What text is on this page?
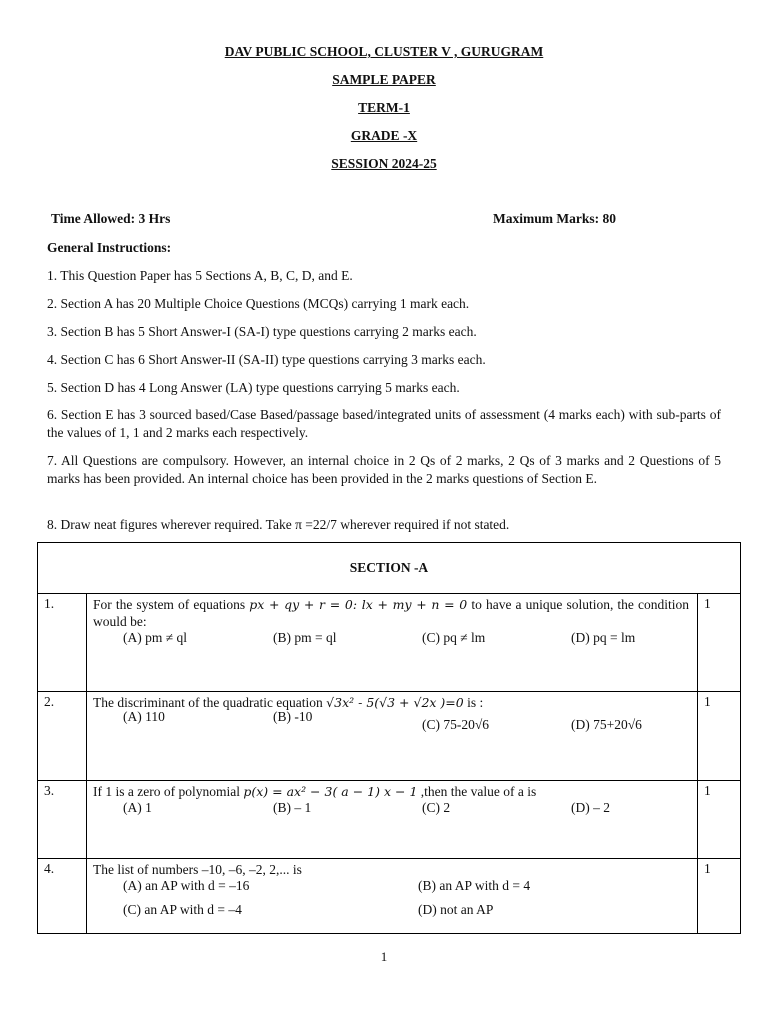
DAV PUBLIC SCHOOL, CLUSTER V , GURUGRAM
SAMPLE PAPER
TERM-1
GRADE -X
SESSION 2024-25
Time Allowed: 3 Hrs	Maximum Marks: 80
General Instructions:
1. This Question Paper has 5 Sections A, B, C, D, and E.
2. Section A has 20 Multiple Choice Questions (MCQs) carrying 1 mark each.
3. Section B has 5 Short Answer-I (SA-I) type questions carrying 2 marks each.
4. Section C has 6 Short Answer-II (SA-II) type questions carrying 3 marks each.
5. Section D has 4 Long Answer (LA) type questions carrying 5 marks each.
6. Section E has 3 sourced based/Case Based/passage based/integrated units of assessment (4 marks each) with sub-parts of the values of 1, 1 and 2 marks each respectively.
7. All Questions are compulsory. However, an internal choice in 2 Qs of 2 marks, 2 Qs of 3 marks and 2 Questions of 5 marks has been provided. An internal choice has been provided in the 2 marks questions of Section E.
8. Draw neat figures wherever required. Take π =22/7 wherever required if not stated.
SECTION -A		
1.	For the system of equations px + qy + r = 0: lx + my + n = 0 to have a unique solution, the condition would be:
(A) pm ≠ ql (B) pm = ql (C) pq ≠ lm (D) pq = lm	1
2.	The discriminant of the quadratic equation √3x² - 5(√3 + √2x )=0 is :
(A) 110 (B) -10
(C) 75-20√6 (D) 75+20√6	1
3.	If 1 is a zero of polynomial p(x) = ax² − 3( a − 1) x − 1 ,then the value of a is
(A) 1 (B) – 1 (C) 2 (D) – 2	1
4.	The list of numbers –10, –6, –2, 2,... is
(A) an AP with d = –16 (B) an AP with d = 4
(C) an AP with d = –4 (D) not an AP	1
1
